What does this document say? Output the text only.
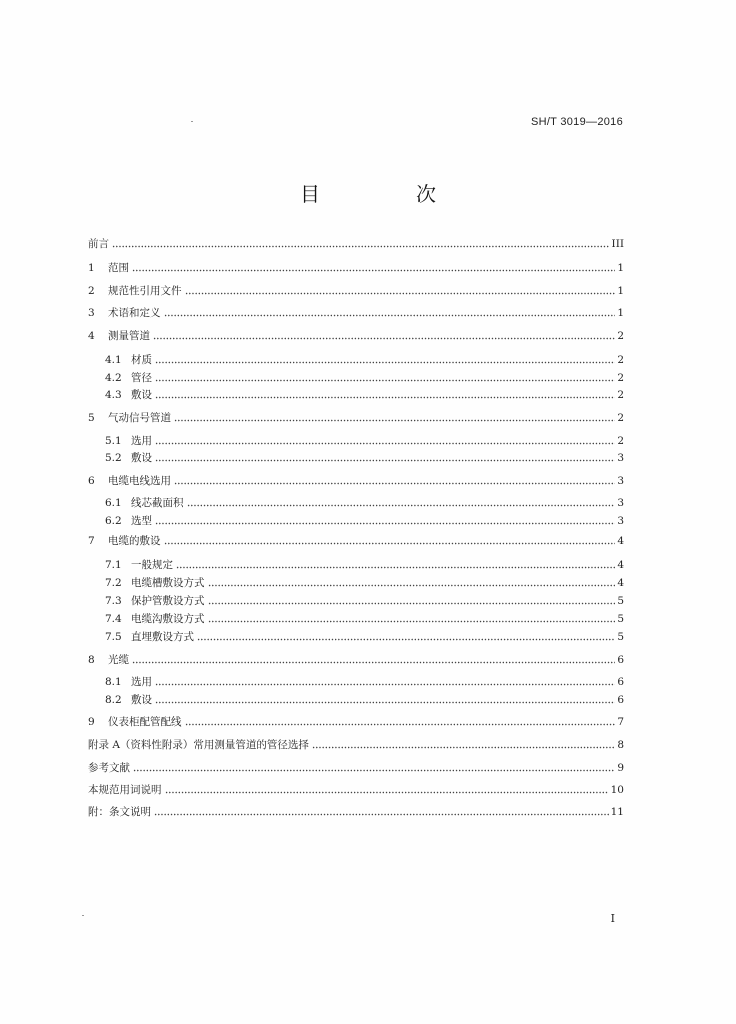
SH/T 3019—2016
目　次
前言	III
1	范围	1
2	规范性引用文件	1
3	术语和定义	1
4	测量管道	2
4.1 材质	2
4.2 管径	2
4.3 敷设	2
5	气动信号管道	2
5.1 选用	2
5.2 敷设	3
6	电缆电线选用	3
6.1 线芯截面积	3
6.2 选型	3
7	电缆的敷设	4
7.1 一般规定	4
7.2 电缆槽敷设方式	4
7.3 保护管敷设方式	5
7.4 电缆沟敷设方式	5
7.5 直埋敷设方式	5
8	光缆	6
8.1 选用	6
8.2 敷设	6
9	仪表柜配管配线	7
附录 A（资料性附录）常用测量管道的管径选择	8
参考文献	9
本规范用词说明	10
附：条文说明	11
I
